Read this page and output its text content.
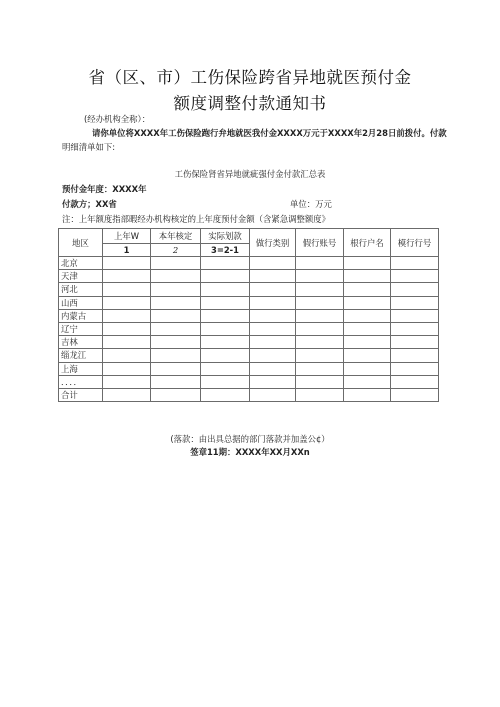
省（区、市）工伤保险跨省异地就医预付金
额度调整付款通知书
(经办机构全称）：
请你单位将XXXX年工伤保险跑行弁地就医我付金XXXX万元于XXXX年2月28日前拨付。付款
明细清单如下:
工伤保险肾省异地就疵强付金付款汇总表
预付金年度：XXXX年
付款方；XX省	单位：万元
注：上年额度指部暇经办机构核定的上年度预付金额（含紧急调整额度》
地区	上年W	本年核定	实际划款	做行类别	假行账号	根行户名	模行行号
	1	2	3=2-1				
北京							
天津							
河北							
山西							
内蒙古							
辽宁							
吉林							
缁龙江							
上海							
．．．．							
合计							
(落款：由出具总据的部门落款并加盖公¢）
签章11期：XXXX年XX月XXn
